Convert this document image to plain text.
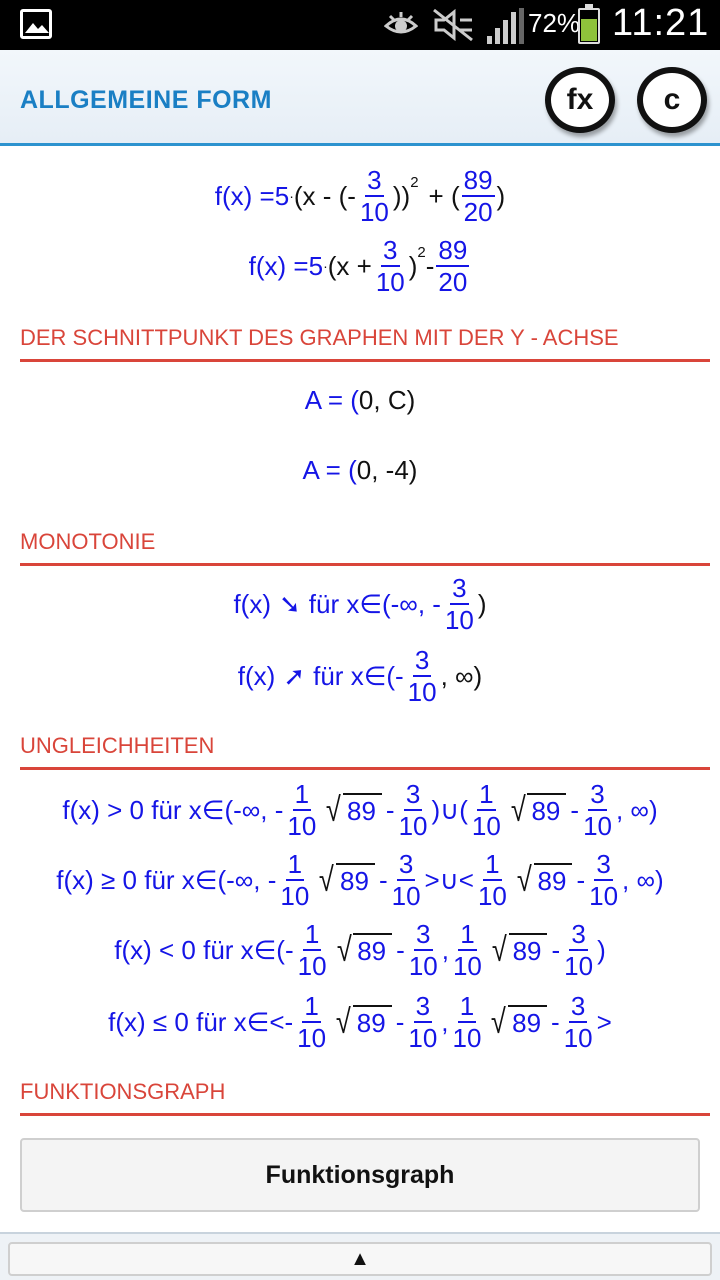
72% 11:21
ALLGEMEINE FORM	fx c
f(x) = 5 · (x - (- $\frac{3}{10}$ )) 2 + ( $\frac{89}{20}$ )
$f(x) = 5 \cdot (x + \frac{3}{10}$ ) $2 - \frac{89}{20}$
DER SCHNITTPUNKT DES GRAPHEN MIT DER Y - ACHSE
A = ( 0, C )
A = ( 0, -4 )
MONOTONIE
f(x) ➘ für x∈(-∞, - $\frac{3}{10}$ )
f(x) ➚ für x∈(- $\frac{3}{10}$ , ∞)
UNGLEICHHEITEN
f(x) > 0 für x∈(-∞, - $\frac{1}{10}$ √ $89 - \frac{3}{10}$ )∪( $\frac{1}{10}$ √ $89 - \frac{3}{10}$ , ∞)
f(x) ≥ 0 für x∈(-∞, - $\frac{1}{10}$ √ $89 - \frac{3}{10}$ >∪< $\frac{1}{10}$ √ $89 - \frac{3}{10}$ , ∞)
f(x) < 0 für x∈(- $\frac{1}{10}$ √ $89 - \frac{3}{10}$ , $\frac{1}{10}$ √ $89 - \frac{3}{10}$ )
f(x) ≤ 0 für x∈<- $\frac{1}{10}$ √ $89 - \frac{3}{10}$ , $\frac{1}{10}$ √ $89 - \frac{3}{10}$ >
FUNKTIONSGRAPH
Funktionsgraph
▲
